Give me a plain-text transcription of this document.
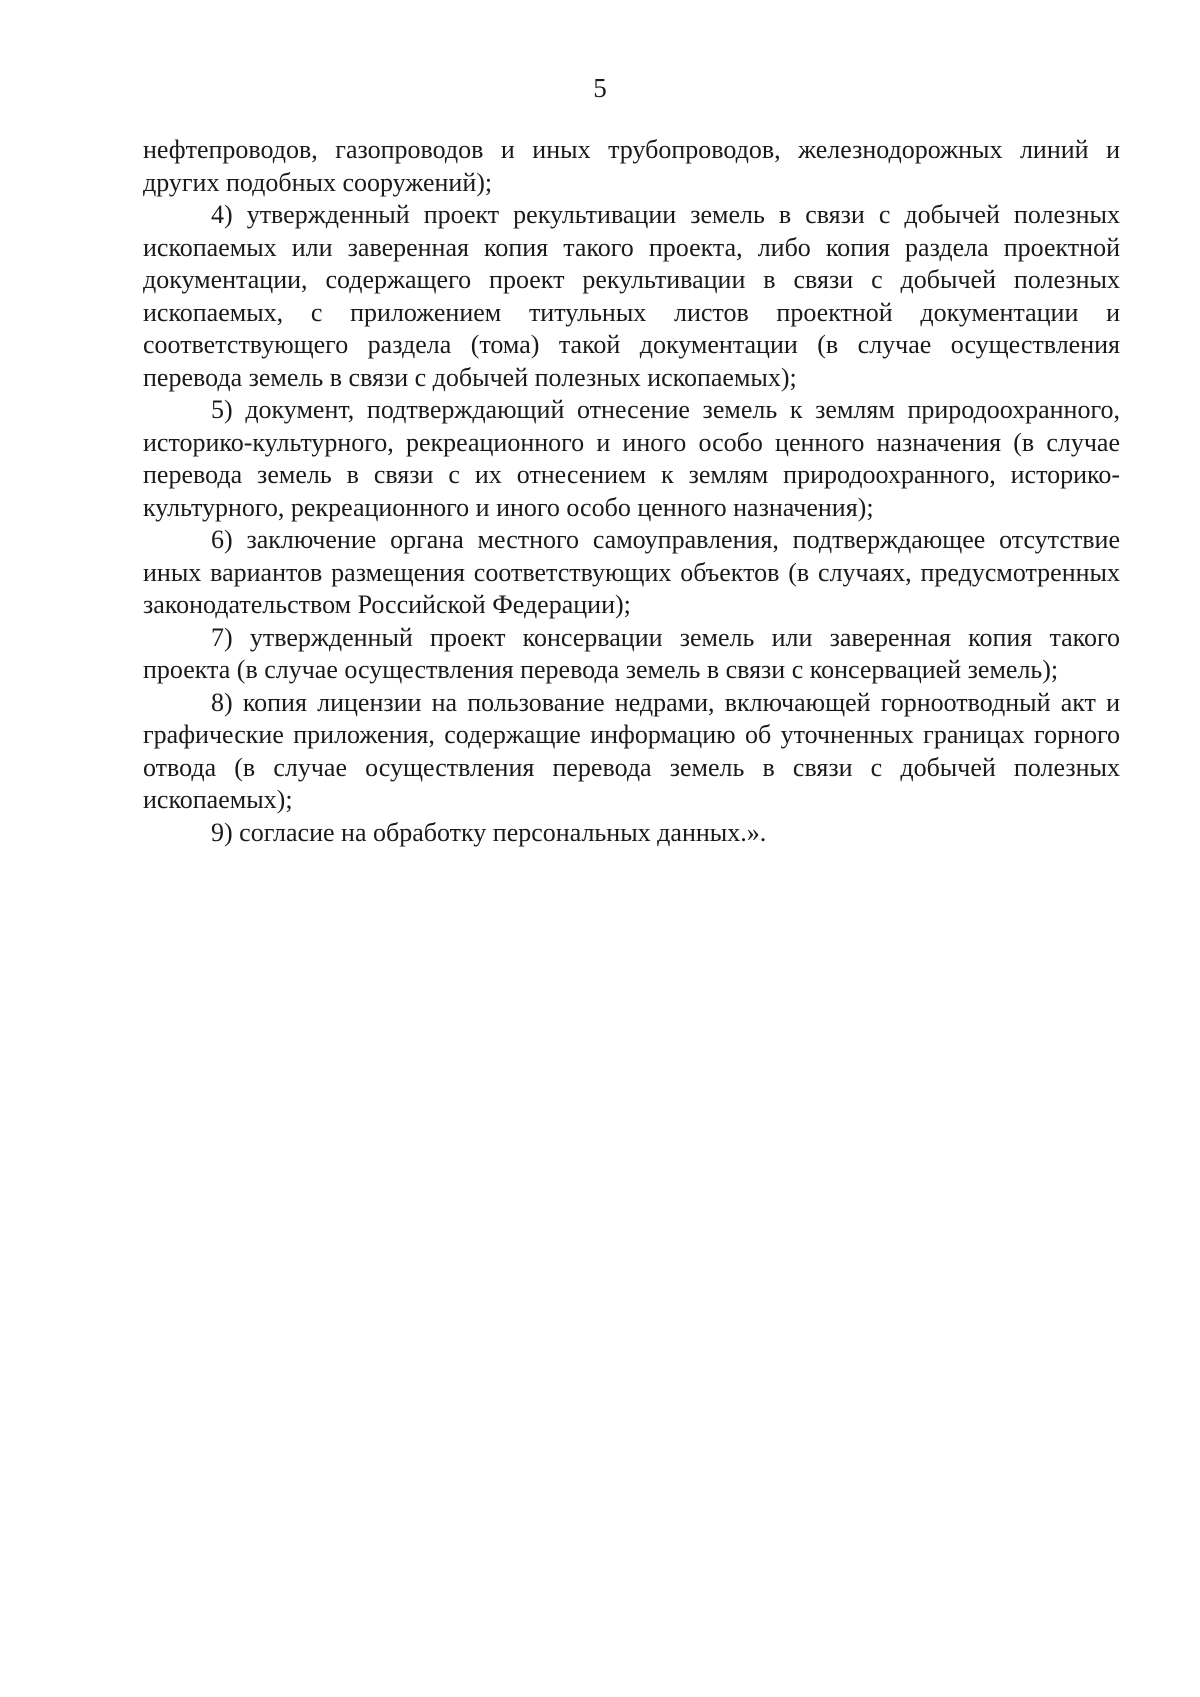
5

нефтепроводов, газопроводов и иных трубопроводов, железнодорожных линий и других подобных сооружений);

4) утвержденный проект рекультивации земель в связи с добычей полезных ископаемых или заверенная копия такого проекта, либо копия раздела проектной документации, содержащего проект рекультивации в связи с добычей полезных ископаемых, с приложением титульных листов проектной документации и соответствующего раздела (тома) такой документации (в случае осуществления перевода земель в связи с добычей полезных ископаемых);

5) документ, подтверждающий отнесение земель к землям природоохранного, историко-культурного, рекреационного и иного особо ценного назначения (в случае перевода земель в связи с их отнесением к землям природоохранного, историко-культурного, рекреационного и иного особо ценного назначения);

6) заключение органа местного самоуправления, подтверждающее отсутствие иных вариантов размещения соответствующих объектов (в случаях, предусмотренных законодательством Российской Федерации);

7) утвержденный проект консервации земель или заверенная копия такого проекта (в случае осуществления перевода земель в связи с консервацией земель);

8) копия лицензии на пользование недрами, включающей горноотводный акт и графические приложения, содержащие информацию об уточненных границах горного отвода (в случае осуществления перевода земель в связи с добычей полезных ископаемых);

9) согласие на обработку персональных данных.».
